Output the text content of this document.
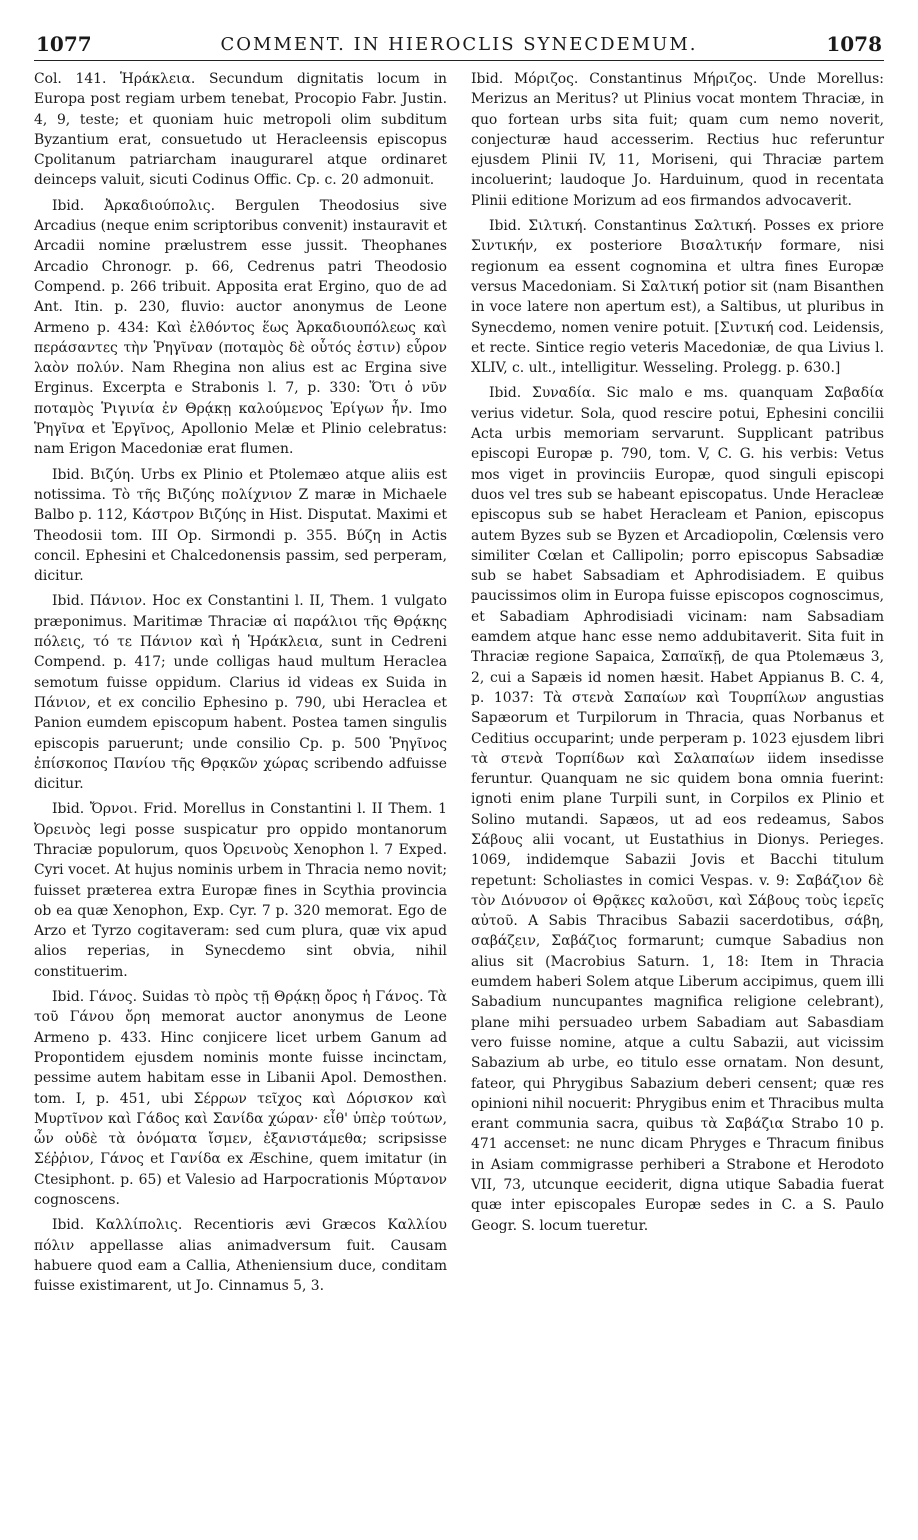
1077	COMMENT. IN HIEROCLIS SYNECDEMUM.	1078

Col. 141. Ἡράκλεια. Secundum dignitatis locum in Europa post regiam urbem tenebat, Procopio Fabr. Justin. 4, 9, teste; et quoniam huic metropoli olim subditum Byzantium erat, consuetudo ut Heracleensis episcopus Cpolitanum patriarcham inaugurarel atque ordinaret deinceps valuit, sicuti Codinus Offic. Cp. c. 20 admonuit.

Ibid. Ἀρκαδιούπολις. Bergulen Theodosius sive Arcadius (neque enim scriptoribus convenit) instauravit et Arcadii nomine prælustrem esse jussit. Theophanes Arcadio Chronogr. p. 66, Cedrenus patri Theodosio Compend. p. 266 tribuit. Apposita erat Ergino, quo de ad Ant. Itin. p. 230, fluvio: auctor anonymus de Leone Armeno p. 434: Καὶ ἐλθόντος ἕως Ἀρκαδιουπόλεως καὶ περάσαντες τὴν Ῥηγῖναν (ποταμὸς δὲ οὗτός ἐστιν) εὗρον λαὸν πολύν. Nam Rhegina non alius est ac Ergina sive Erginus. Excerpta e Strabonis l. 7, p. 330: Ὅτι ὁ νῦν ποταμὸς Ῥιγινία ἐν Θρᾴκῃ καλούμενος Ἐρίγων ἦν. Imo Ῥηγῖνα et Ἐργῖνος, Apollonio Melæ et Plinio celebratus: nam Erigon Macedoniæ erat flumen.

Ibid. Βιζύη. Urbs ex Plinio et Ptolemæo atque aliis est notissima. Τὸ τῆς Βιζύης πολίχνιον Z maræ in Michaele Balbo p. 112, Κάστρον Βιζύης in Hist. Disputat. Maximi et Theodosii tom. III Op. Sirmondi p. 355. Βύζη in Actis concil. Ephesini et Chalcedonensis passim, sed perperam, dicitur.

Ibid. Πάνιον. Hoc ex Constantini l. II, Them. 1 vulgato præponimus. Maritimæ Thraciæ αἱ παράλιοι τῆς Θρᾴκης πόλεις, τό τε Πάνιον καὶ ἡ Ἡράκλεια, sunt in Cedreni Compend. p. 417; unde colligas haud multum Heraclea semotum fuisse oppidum. Clarius id videas ex Suida in Πάνιον, et ex concilio Ephesino p. 790, ubi Heraclea et Panion eumdem episcopum habent. Postea tamen singulis episcopis paruerunt; unde consilio Cp. p. 500 Ῥηγῖνος ἐπίσκοπος Πανίου τῆς Θρᾳκῶν χώρας scribendo adfuisse dicitur.

Ibid. Ὄρνοι. Frid. Morellus in Constantini l. II Them. 1 Ὀρεινὸς legi posse suspicatur pro oppido montanorum Thraciæ populorum, quos Ὀρεινοὺς Xenophon l. 7 Exped. Cyri vocet. At hujus nominis urbem in Thracia nemo novit; fuisset præterea extra Europæ fines in Scythia provincia ob ea quæ Xenophon, Exp. Cyr. 7 p. 320 memorat. Ego de Arzo et Tyrzo cogitaveram: sed cum plura, quæ vix apud alios reperias, in Synecdemo sint obvia, nihil constituerim.

Ibid. Γάνος. Suidas τὸ πρὸς τῇ Θρᾴκῃ ὄρος ἡ Γάνος. Τὰ τοῦ Γάνου ὄρη memorat auctor anonymus de Leone Armeno p. 433. Hinc conjicere licet urbem Ganum ad Propontidem ejusdem nominis monte fuisse incinctam, pessime autem habitam esse in Libanii Apol. Demosthen. tom. I, p. 451, ubi Σέρρων τεῖχος καὶ Δόρισκον καὶ Μυρτῖνον καὶ Γάδος καὶ Σανίδα χώραν· εἶθ' ὑπὲρ τούτων, ὧν οὐδὲ τὰ ὀνόματα ἴσμεν, ἐξανιστάμεθα; scripsisse Σέῤῥιον, Γάνος et Γανίδα ex Æschine, quem imitatur (in Ctesiphont. p. 65) et Valesio ad Harpocrationis Μύρτανον cognoscens.

Ibid. Καλλίπολις. Recentioris ævi Græcos Καλλίου πόλιν appellasse alias animadversum fuit. Causam habuere quod eam a Callia, Atheniensium duce, conditam fuisse existimarent, ut Jo. Cinnamus 5, 3.

Ibid. Μόριζος. Constantinus Μήριζος. Unde Morellus: Merizus an Meritus? ut Plinius vocat montem Thraciæ, in quo fortean urbs sita fuit; quam cum nemo noverit, conjecturæ haud accesserim. Rectius huc referuntur ejusdem Plinii IV, 11, Moriseni, qui Thraciæ partem incoluerint; laudoque Jo. Harduinum, quod in recentata Plinii editione Morizum ad eos firmandos advocaverit.

Ibid. Σιλτική. Constantinus Σαλτική. Posses ex priore Σιντικήν, ex posteriore Βισαλτικήν formare, nisi regionum ea essent cognomina et ultra fines Europæ versus Macedoniam. Si Σαλτική potior sit (nam Bisanthen in voce latere non apertum est), a Saltibus, ut pluribus in Synecdemo, nomen venire potuit. [Σιντική cod. Leidensis, et recte. Sintice regio veteris Macedoniæ, de qua Livius l. XLIV, c. ult., intelligitur. Wesseling. Prolegg. p. 630.]

Ibid. Συναδία. Sic malo e ms. quanquam Σαβαδία verius videtur. Sola, quod rescire potui, Ephesini concilii Acta urbis memoriam servarunt. Supplicant patribus episcopi Europæ p. 790, tom. V, C. G. his verbis: Vetus mos viget in provinciis Europæ, quod singuli episcopi duos vel tres sub se habeant episcopatus. Unde Heracleæ episcopus sub se habet Heracleam et Panion, episcopus autem Byzes sub se Byzen et Arcadiopolin, Cœlensis vero similiter Cœlan et Callipolin; porro episcopus Sabsadiæ sub se habet Sabsadiam et Aphrodisiadem. E quibus paucissimos olim in Europa fuisse episcopos cognoscimus, et Sabadiam Aphrodisiadi vicinam: nam Sabsadiam eamdem atque hanc esse nemo addubitaverit. Sita fuit in Thraciæ regione Sapaica, Σαπαϊκῇ, de qua Ptolemæus 3, 2, cui a Sapæis id nomen hæsit. Habet Appianus B. C. 4, p. 1037: Τὰ στενὰ Σαπαίων καὶ Τουρπίλων angustias Sapæorum et Turpilorum in Thracia, quas Norbanus et Ceditius occuparint; unde perperam p. 1023 ejusdem libri τὰ στενὰ Τορπίδων καὶ Σαλαπαίων iidem insedisse feruntur. Quanquam ne sic quidem bona omnia fuerint: ignoti enim plane Turpili sunt, in Corpilos ex Plinio et Solino mutandi. Sapæos, ut ad eos redeamus, Sabos Σάβους alii vocant, ut Eustathius in Dionys. Perieges. 1069, indidemque Sabazii Jovis et Bacchi titulum repetunt: Scholiastes in comici Vespas. v. 9: Σαβάζιον δὲ τὸν Διόνυσον οἱ Θρᾷκες καλοῦσι, καὶ Σάβους τοὺς ἱερεῖς αὐτοῦ. A Sabis Thracibus Sabazii sacerdotibus, σάβη, σαβάζειν, Σαβάζιος formarunt; cumque Sabadius non alius sit (Macrobius Saturn. 1, 18: Item in Thracia eumdem haberi Solem atque Liberum accipimus, quem illi Sabadium nuncupantes magnifica religione celebrant), plane mihi persuadeo urbem Sabadiam aut Sabasdiam vero fuisse nomine, atque a cultu Sabazii, aut vicissim Sabazium ab urbe, eo titulo esse ornatam. Non desunt, fateor, qui Phrygibus Sabazium deberi censent; quæ res opinioni nihil nocuerit: Phrygibus enim et Thracibus multa erant communia sacra, quibus τὰ Σαβάζια Strabo 10 p. 471 accenset: ne nunc dicam Phryges e Thracum finibus in Asiam commigrasse perhiberi a Strabone et Herodoto VII, 73, utcunque eeciderit, digna utique Sabadia fuerat quæ inter episcopales Europæ sedes in C. a S. Paulo Geogr. S. locum tueretur.
